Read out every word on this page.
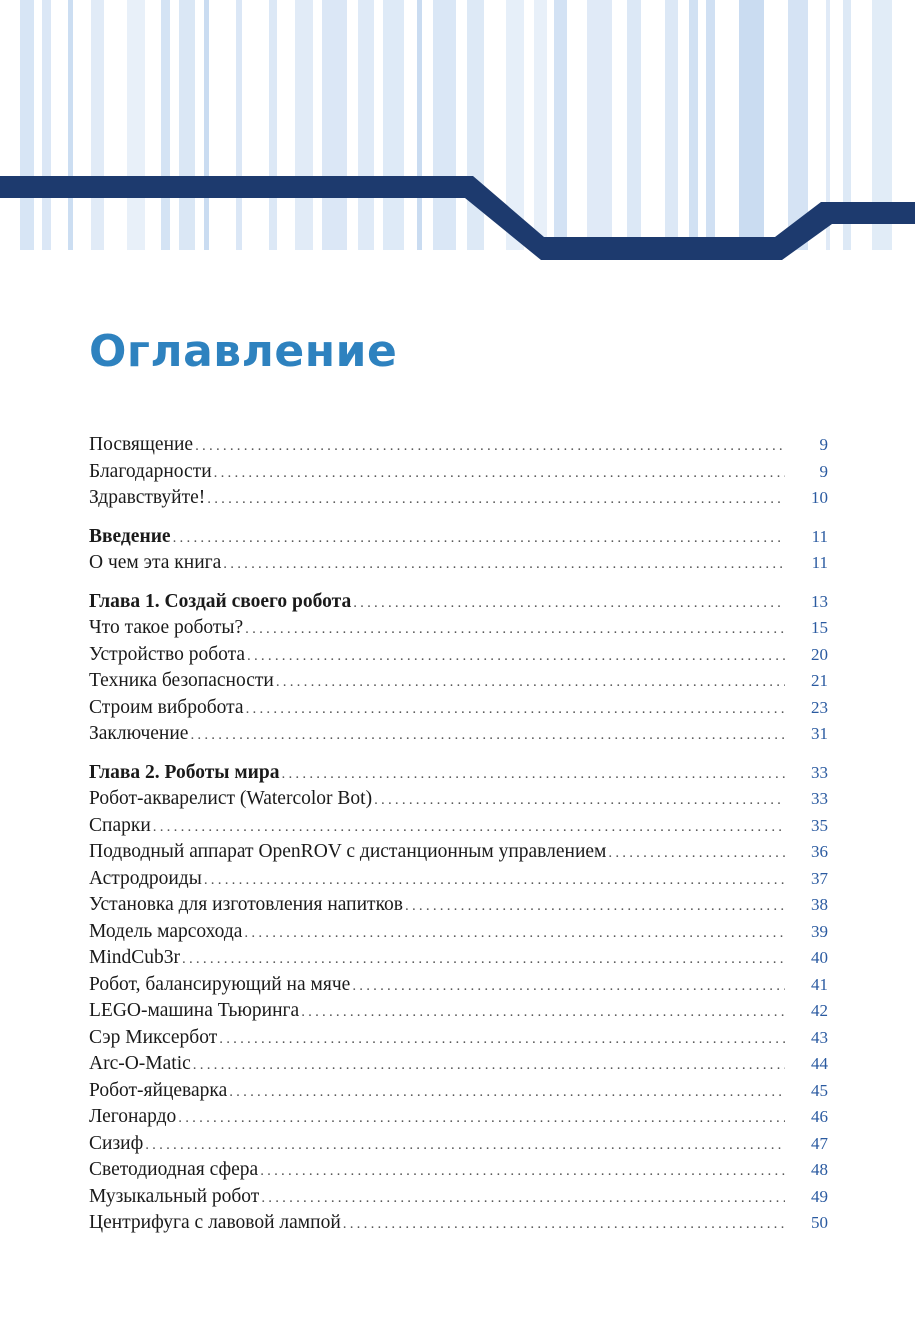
Оглавление
Посвящение .....	9
Благодарности .....	9
Здравствуйте! .....	10
Введение .....	11
О чем эта книга .....	11
Глава 1. Создай своего робота .....	13
Что такое роботы? .....	15
Устройство робота .....	20
Техника безопасности .....	21
Строим вибробота .....	23
Заключение .....	31
Глава 2. Роботы мира .....	33
Робот-акварелист (Watercolor Bot) .....	33
Спарки .....	35
Подводный аппарат OpenROV с дистанционным управлением .....	36
Астродроиды .....	37
Установка для изготовления напитков .....	38
Модель марсохода .....	39
MindCub3r .....	40
Робот, балансирующий на мяче .....	41
LEGO-машина Тьюринга .....	42
Сэр Миксербот .....	43
Arc-O-Matic .....	44
Робот-яйцеварка .....	45
Легонардо .....	46
Сизиф .....	47
Светодиодная сфера .....	48
Музыкальный робот .....	49
Центрифуга с лавовой лампой .....	50
